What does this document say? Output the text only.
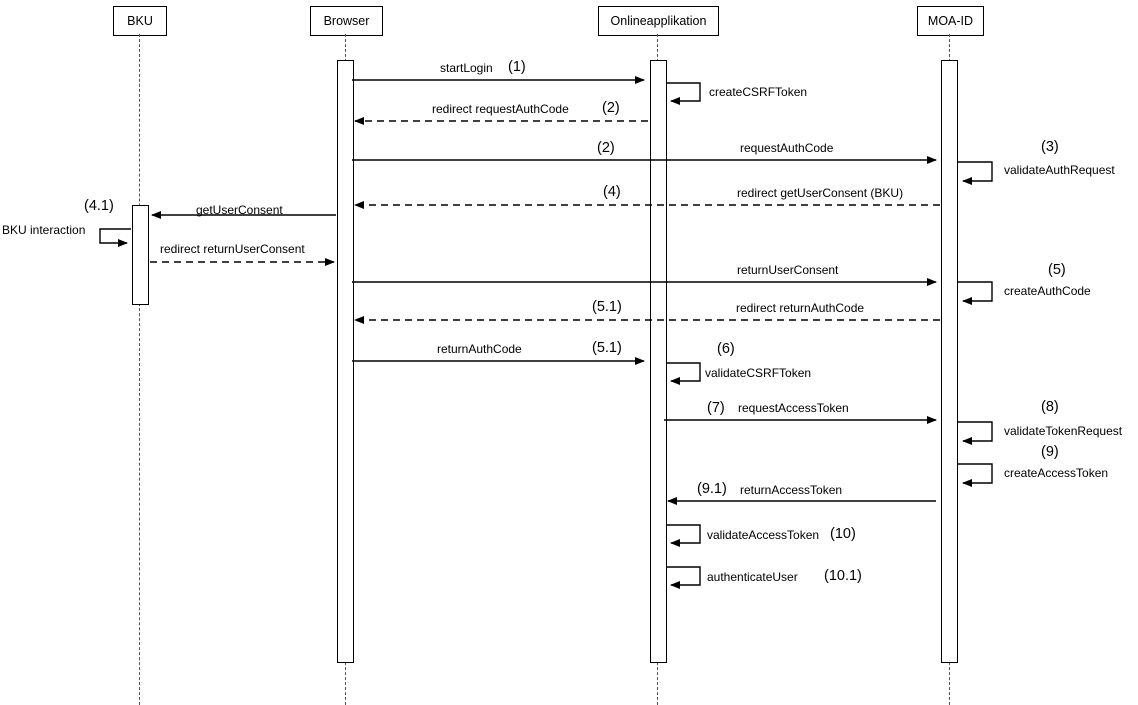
BKU	Browser	Onlineapplikation	MOA-ID
startLogin (1)
createCSRFToken
redirect requestAuthCode (2)
requestAuthCode
(2)
validateAuthRequest
(3)
redirect getUserConsent (BKU)
(4)
getUserConsent
(4.1)
BKU interaction
redirect returnUserConsent
returnUserConsent	(5)
createAuthCode
redirect returnAuthCode
(5.1)
returnAuthCode	(5.1)
validateCSRFToken
(6)
requestAccessToken
(7)
validateTokenRequest
(8)
createAccessToken
(9)
returnAccessToken
(9.1)
validateAccessToken (10)
authenticateUser (10.1)
